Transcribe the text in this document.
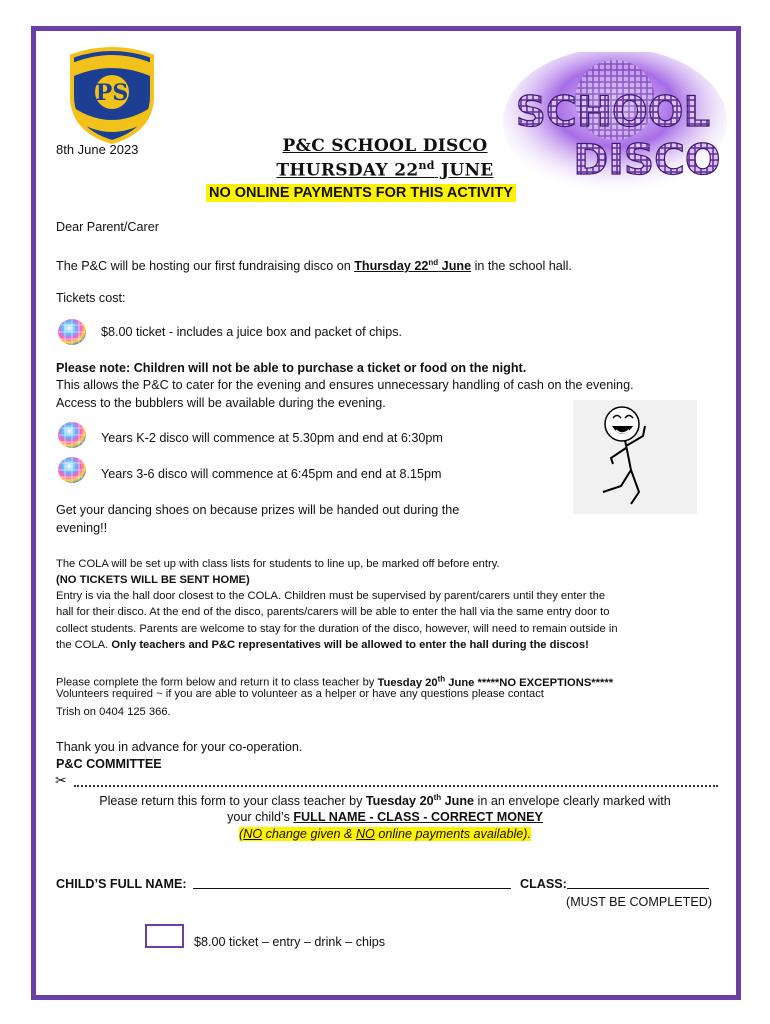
PS	SCHOOL
DISCO
8th June 2023	P&C SCHOOL DISCO
THURSDAY 22nd JUNE
NO ONLINE PAYMENTS FOR THIS ACTIVITY
Dear Parent/Carer
The P&C will be hosting our first fundraising disco on Thursday 22nd June in the school hall.
Tickets cost:
$8.00 ticket - includes a juice box and packet of chips.
Please note: Children will not be able to purchase a ticket or food on the night.
This allows the P&C to cater for the evening and ensures unnecessary handling of cash on the evening.
Access to the bubblers will be available during the evening.
Years K-2 disco will commence at 5.30pm and end at 6:30pm
Years 3-6 disco will commence at 6:45pm and end at 8.15pm
Get your dancing shoes on because prizes will be handed out during the
evening!!
The COLA will be set up with class lists for students to line up, be marked off before entry.
(NO TICKETS WILL BE SENT HOME)
Entry is via the hall door closest to the COLA. Children must be supervised by parent/carers until they enter the
hall for their disco. At the end of the disco, parents/carers will be able to enter the hall via the same entry door to
collect students. Parents are welcome to stay for the duration of the disco, however, will need to remain outside in
the COLA. Only teachers and P&C representatives will be allowed to enter the hall during the discos!
Please complete the form below and return it to class teacher by Tuesday 20th June *****NO EXCEPTIONS*****
Volunteers required ~ if you are able to volunteer as a helper or have any questions please contact
Trish on 0404 125 366.
Thank you in advance for your co-operation.
P&C COMMITTEE
✂
Please return this form to your class teacher by Tuesday 20th June in an envelope clearly marked with
your child’s FULL NAME - CLASS - CORRECT MONEY
(NO change given & NO online payments available).
CHILD’S FULL NAME:	CLASS:
(MUST BE COMPLETED)
$8.00 ticket – entry – drink – chips
